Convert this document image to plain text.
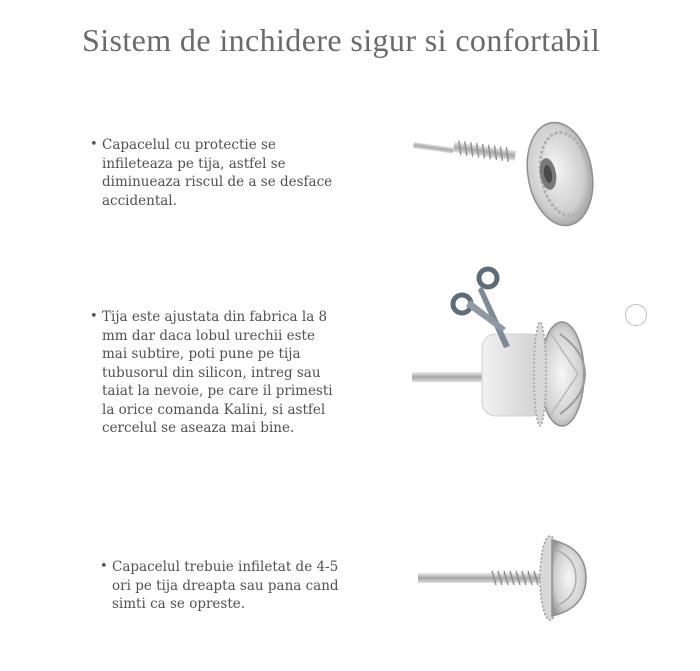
Sistem de inchidere sigur si confortabil
• Capacelul cu protectie se
infileteaza pe tija, astfel se
diminueaza riscul de a se desface
accidental.
• Tija este ajustata din fabrica la 8
mm dar daca lobul urechii este
mai subtire, poti pune pe tija
tubusorul din silicon, intreg sau
taiat la nevoie, pe care il primesti
la orice comanda Kalini, si astfel
cercelul se aseaza mai bine.
• Capacelul trebuie infiletat de 4-5
ori pe tija dreapta sau pana cand
simti ca se opreste.
